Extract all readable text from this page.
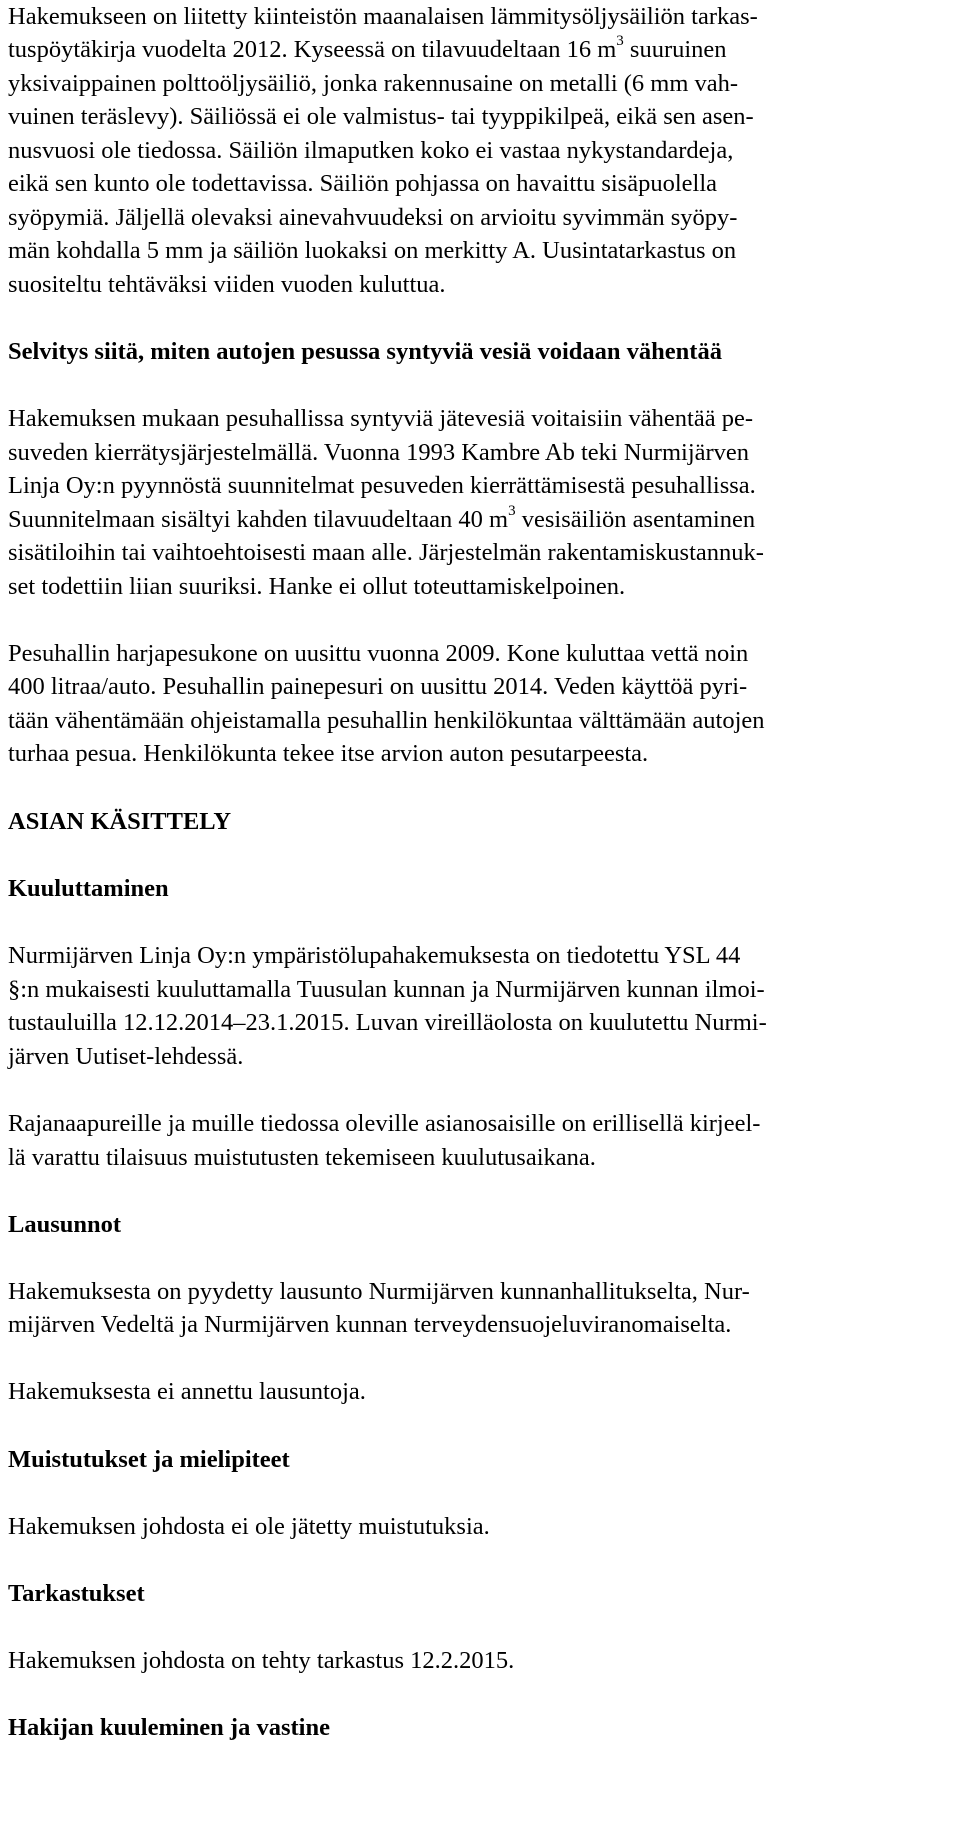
Hakemukseen on liitetty kiinteistön maanalaisen lämmitysöljysäiliön tarkas-
tuspöytäkirja vuodelta 2012. Kyseessä on tilavuudeltaan 16 $m^3$ suuruinen
yksivaippainen polttoöljysäiliö, jonka rakennusaine on metalli (6 mm vah-
vuinen teräslevy). Säiliössä ei ole valmistus- tai tyyppikilpeä, eikä sen asen-
nusvuosi ole tiedossa. Säiliön ilmaputken koko ei vastaa nykystandardeja,
eikä sen kunto ole todettavissa. Säiliön pohjassa on havaittu sisäpuolella
syöpymiä. Jäljellä olevaksi ainevahvuudeksi on arvioitu syvimmän syöpy-
män kohdalla 5 mm ja säiliön luokaksi on merkitty A. Uusintatarkastus on
suositeltu tehtäväksi viiden vuoden kuluttua.
Selvitys siitä, miten autojen pesussa syntyviä vesiä voidaan vähentää
Hakemuksen mukaan pesuhallissa syntyviä jätevesiä voitaisiin vähentää pe-
suveden kierrätysjärjestelmällä. Vuonna 1993 Kambre Ab teki Nurmijärven
Linja Oy:n pyynnöstä suunnitelmat pesuveden kierrättämisestä pesuhallissa.
Suunnitelmaan sisältyi kahden tilavuudeltaan 40 $m^3$ vesisäiliön asentaminen
sisätiloihin tai vaihtoehtoisesti maan alle. Järjestelmän rakentamiskustannuk-
set todettiin liian suuriksi. Hanke ei ollut toteuttamiskelpoinen.
Pesuhallin harjapesukone on uusittu vuonna 2009. Kone kuluttaa vettä noin
400 litraa/auto. Pesuhallin painepesuri on uusittu 2014. Veden käyttöä pyri-
tään vähentämään ohjeistamalla pesuhallin henkilökuntaa välttämään autojen
turhaa pesua. Henkilökunta tekee itse arvion auton pesutarpeesta.
ASIAN KÄSITTELY
Kuuluttaminen
Nurmijärven Linja Oy:n ympäristölupahakemuksesta on tiedotettu YSL 44
§:n mukaisesti kuuluttamalla Tuusulan kunnan ja Nurmijärven kunnan ilmoi-
tustauluilla 12.12.2014–23.1.2015. Luvan vireilläolosta on kuulutettu Nurmi-
järven Uutiset-lehdessä.
Rajanaapureille ja muille tiedossa oleville asianosaisille on erillisellä kirjeel-
lä varattu tilaisuus muistutusten tekemiseen kuulutusaikana.
Lausunnot
Hakemuksesta on pyydetty lausunto Nurmijärven kunnanhallitukselta, Nur-
mijärven Vedeltä ja Nurmijärven kunnan terveydensuojeluviranomaiselta.
Hakemuksesta ei annettu lausuntoja.
Muistutukset ja mielipiteet
Hakemuksen johdosta ei ole jätetty muistutuksia.
Tarkastukset
Hakemuksen johdosta on tehty tarkastus 12.2.2015.
Hakijan kuuleminen ja vastine
